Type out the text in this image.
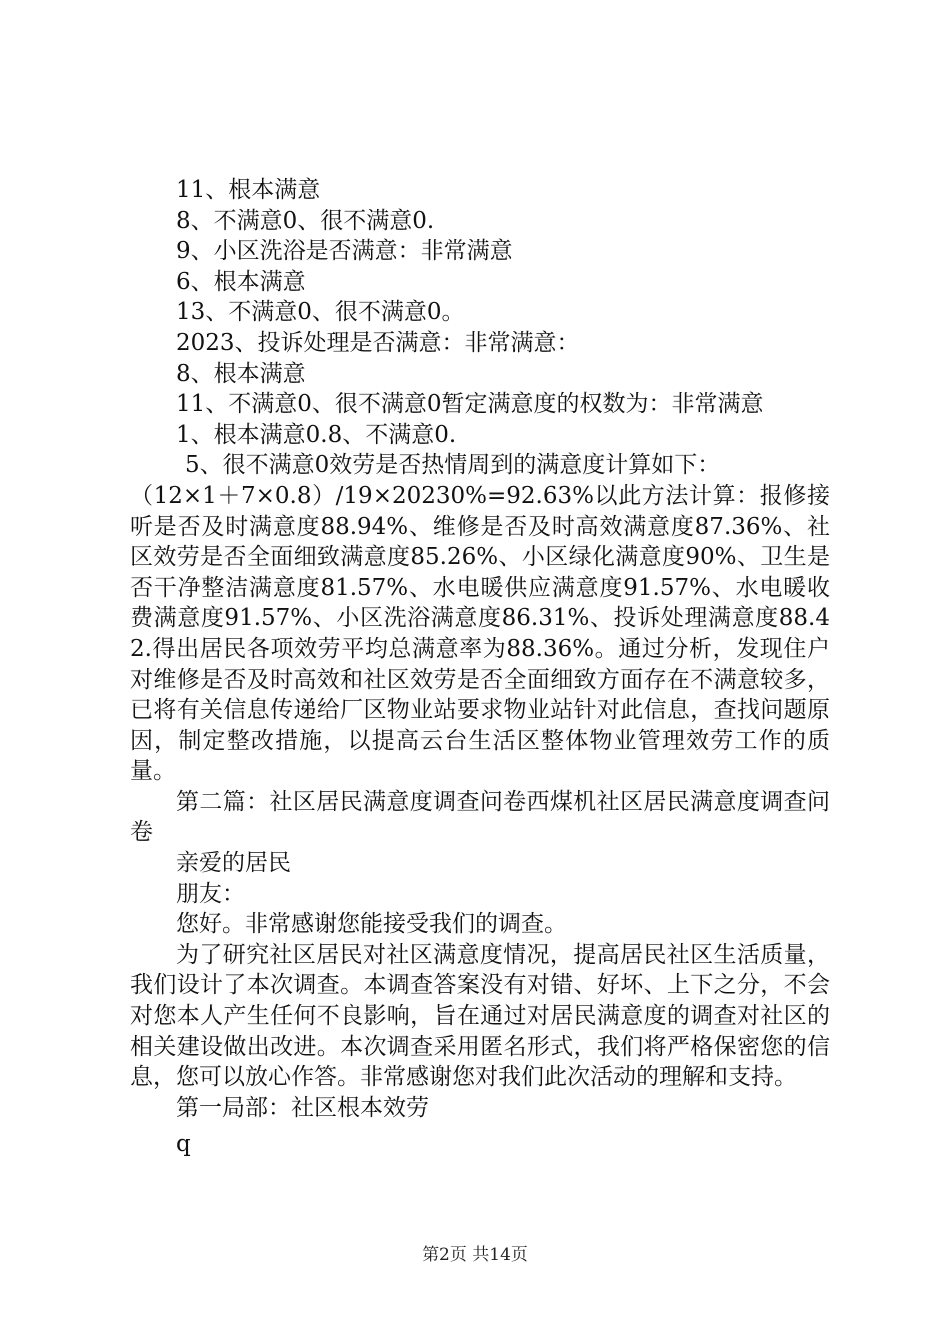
11、根本满意
8、不满意0、很不满意0.
9、小区洗浴是否满意：非常满意
6、根本满意
13、不满意0、很不满意0。
2023、投诉处理是否满意：非常满意：
8、根本满意
11、不满意0、很不满意0暂定满意度的权数为：非常满意
1、根本满意0.8、不满意0.
5、很不满意0效劳是否热情周到的满意度计算如下：
（12×1＋7×0.8）/19×20230%=92.63%以此方法计算：报修接听是否及时满意度88.94%、维修是否及时高效满意度87.36%、社区效劳是否全面细致满意度85.26%、小区绿化满意度90%、卫生是否干净整洁满意度81.57%、水电暖供应满意度91.57%、水电暖收费满意度91.57%、小区洗浴满意度86.31%、投诉处理满意度88.42.得出居民各项效劳平均总满意率为88.36%。通过分析，发现住户对维修是否及时高效和社区效劳是否全面细致方面存在不满意较多，已将有关信息传递给厂区物业站要求物业站针对此信息，查找问题原因，制定整改措施，以提高云台生活区整体物业管理效劳工作的质量。
第二篇：社区居民满意度调查问卷西煤机社区居民满意度调查问卷
亲爱的居民
朋友：
您好。非常感谢您能接受我们的调查。
为了研究社区居民对社区满意度情况，提高居民社区生活质量，我们设计了本次调查。本调查答案没有对错、好坏、上下之分，不会对您本人产生任何不良影响，旨在通过对居民满意度的调查对社区的相关建设做出改进。本次调查采用匿名形式，我们将严格保密您的信息，您可以放心作答。非常感谢您对我们此次活动的理解和支持。
第一局部：社区根本效劳
q
第2页 共14页
